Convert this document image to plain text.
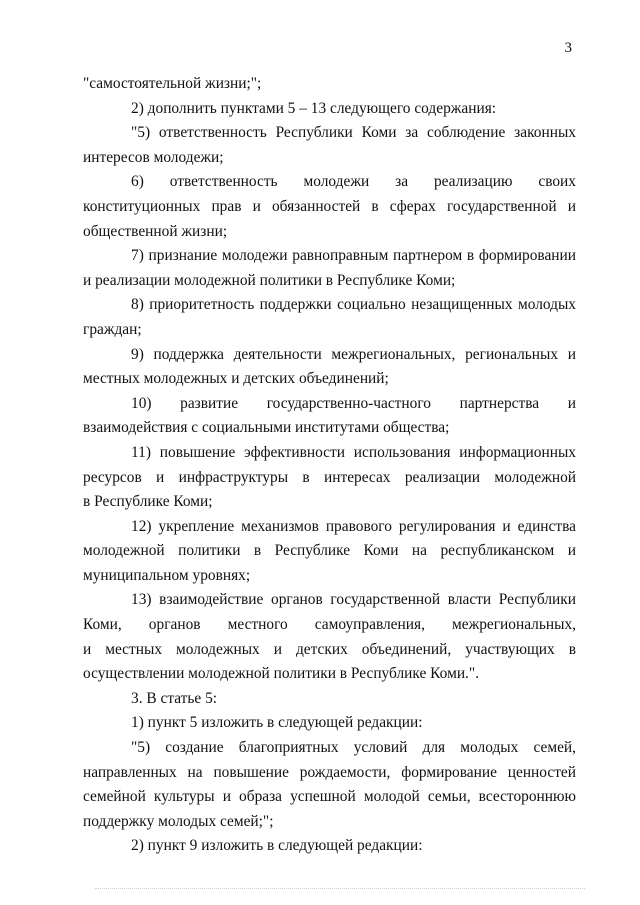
3
"самостоятельной жизни;";
2) дополнить пунктами 5 – 13 следующего содержания:
"5) ответственность Республики Коми за соблюдение законных
интересов молодежи;
6) ответственность молодежи за реализацию своих
конституционных прав и обязанностей в сферах государственной и
общественной жизни;
7) признание молодежи равноправным партнером в формировании
и реализации молодежной политики в Республике Коми;
8) приоритетность поддержки социально незащищенных молодых
граждан;
9) поддержка деятельности межрегиональных, региональных и
местных молодежных и детских объединений;
10) развитие государственно-частного партнерства и
взаимодействия с социальными институтами общества;
11) повышение эффективности использования информационных
ресурсов и инфраструктуры в интересах реализации молодежной
в Республике Коми;
12) укрепление механизмов правового регулирования и единства
молодежной политики в Республике Коми на республиканском и
муниципальном уровнях;
13) взаимодействие органов государственной власти Республики
Коми, органов местного самоуправления, межрегиональных,
и местных молодежных и детских объединений, участвующих в
осуществлении молодежной политики в Республике Коми.".
3. В статье 5:
1) пункт 5 изложить в следующей редакции:
"5) создание благоприятных условий для молодых семей,
направленных на повышение рождаемости, формирование ценностей
семейной культуры и образа успешной молодой семьи, всестороннюю
поддержку молодых семей;";
2) пункт 9 изложить в следующей редакции:
